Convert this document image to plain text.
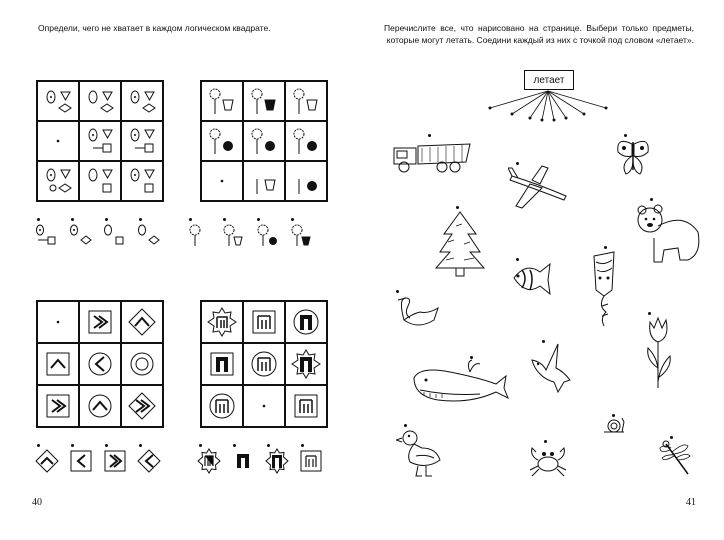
Определи, чего не хватает в каждом логическом квадрате.
40
Перечислите все, что нарисовано на странице. Выбери только предметы, которые могут летать. Соедини каждый из них с точкой под словом «летает».
летает
41
